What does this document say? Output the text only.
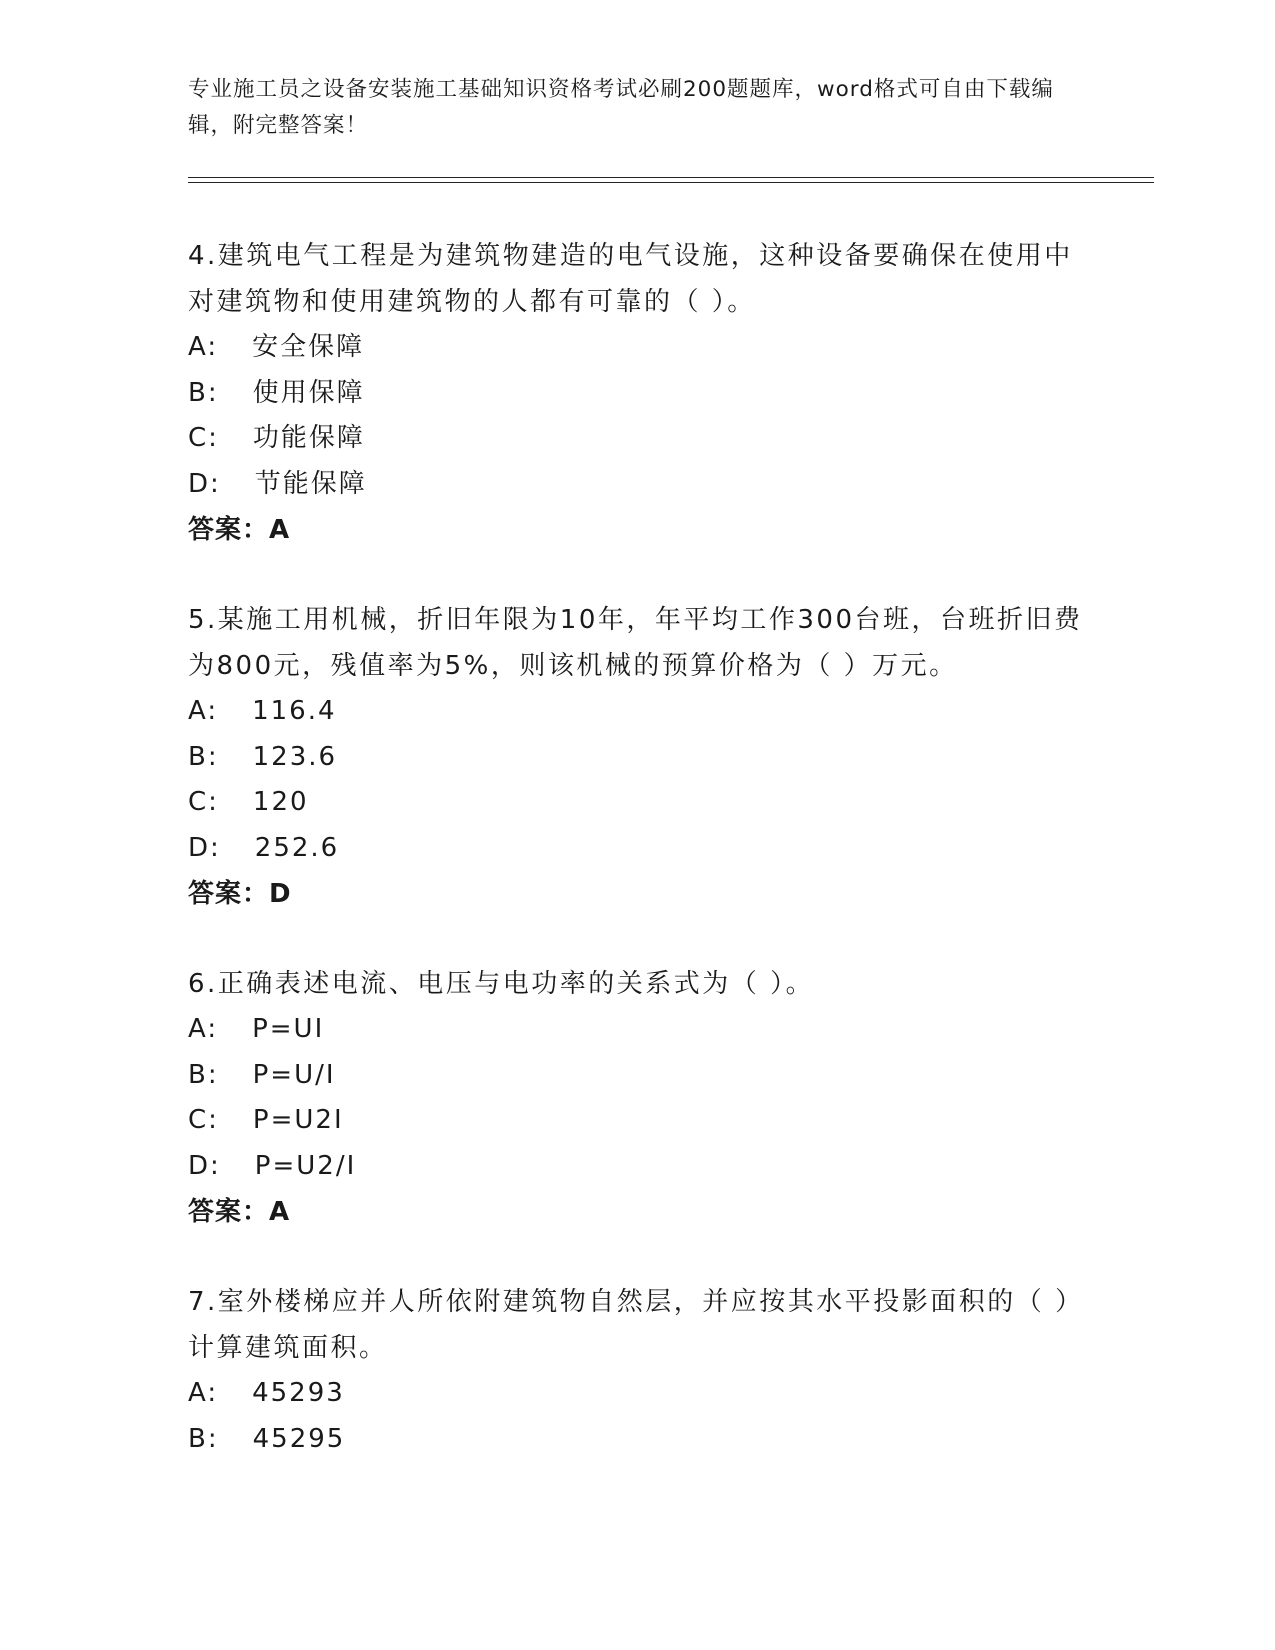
专业施工员之设备安装施工基础知识资格考试必刷200题题库，word格式可自由下载编辑，附完整答案！
4.建筑电气工程是为建筑物建造的电气设施，这种设备要确保在使用中对建筑物和使用建筑物的人都有可靠的（ ）。
A: 安全保障
B: 使用保障
C: 功能保障
D: 节能保障
答案：A
5.某施工用机械，折旧年限为10年，年平均工作300台班，台班折旧费为800元，残值率为5%，则该机械的预算价格为（ ）万元。
A: 116.4
B: 123.6
C: 120
D: 252.6
答案：D
6.正确表述电流、电压与电功率的关系式为（ ）。
A: P=UI
B: P=U/I
C: P=U2I
D: P=U2/I
答案：A
7.室外楼梯应并人所依附建筑物自然层，并应按其水平投影面积的（ ）计算建筑面积。
A: 45293
B: 45295
